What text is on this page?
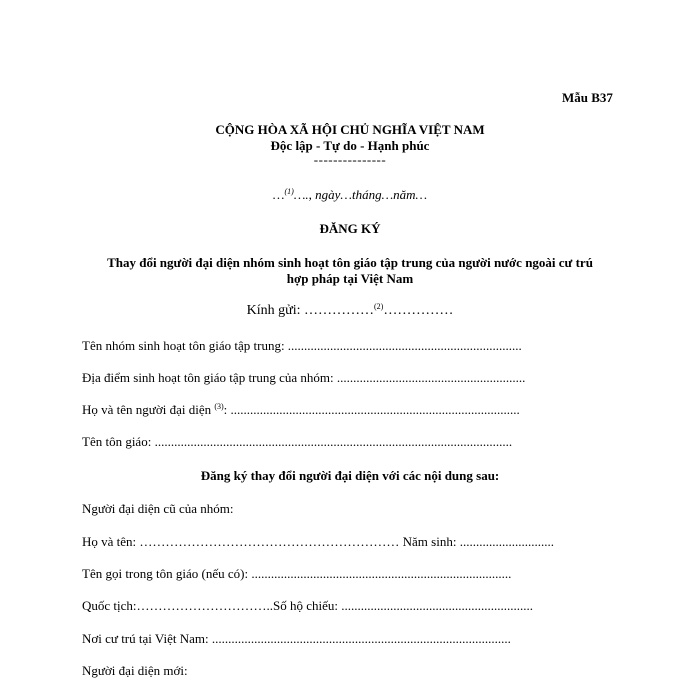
Mẫu B37
CỘNG HÒA XÃ HỘI CHỦ NGHĨA VIỆT NAM
Độc lập - Tự do - Hạnh phúc
---------------
…$^{(1)}$…., ngày…tháng…năm…
ĐĂNG KÝ
Thay đổi người đại diện nhóm sinh hoạt tôn giáo tập trung của người nước ngoài cư trú
hợp pháp tại Việt Nam
Kính gửi: ……………$^{(2)}$……………
Tên nhóm sinh hoạt tôn giáo tập trung: ........................................................................
Địa điểm sinh hoạt tôn giáo tập trung của nhóm: ..........................................................
Họ và tên người đại diện $^{(3)}$: .........................................................................................
Tên tôn giáo: ..............................................................................................................
Đăng ký thay đổi người đại diện với các nội dung sau:
Người đại diện cũ của nhóm:
Họ và tên: …………………………………………………… Năm sinh: .............................
Tên gọi trong tôn giáo (nếu có): ................................................................................
Quốc tịch:…………………………..Số hộ chiếu: ...........................................................
Nơi cư trú tại Việt Nam: ............................................................................................
Người đại diện mới:
